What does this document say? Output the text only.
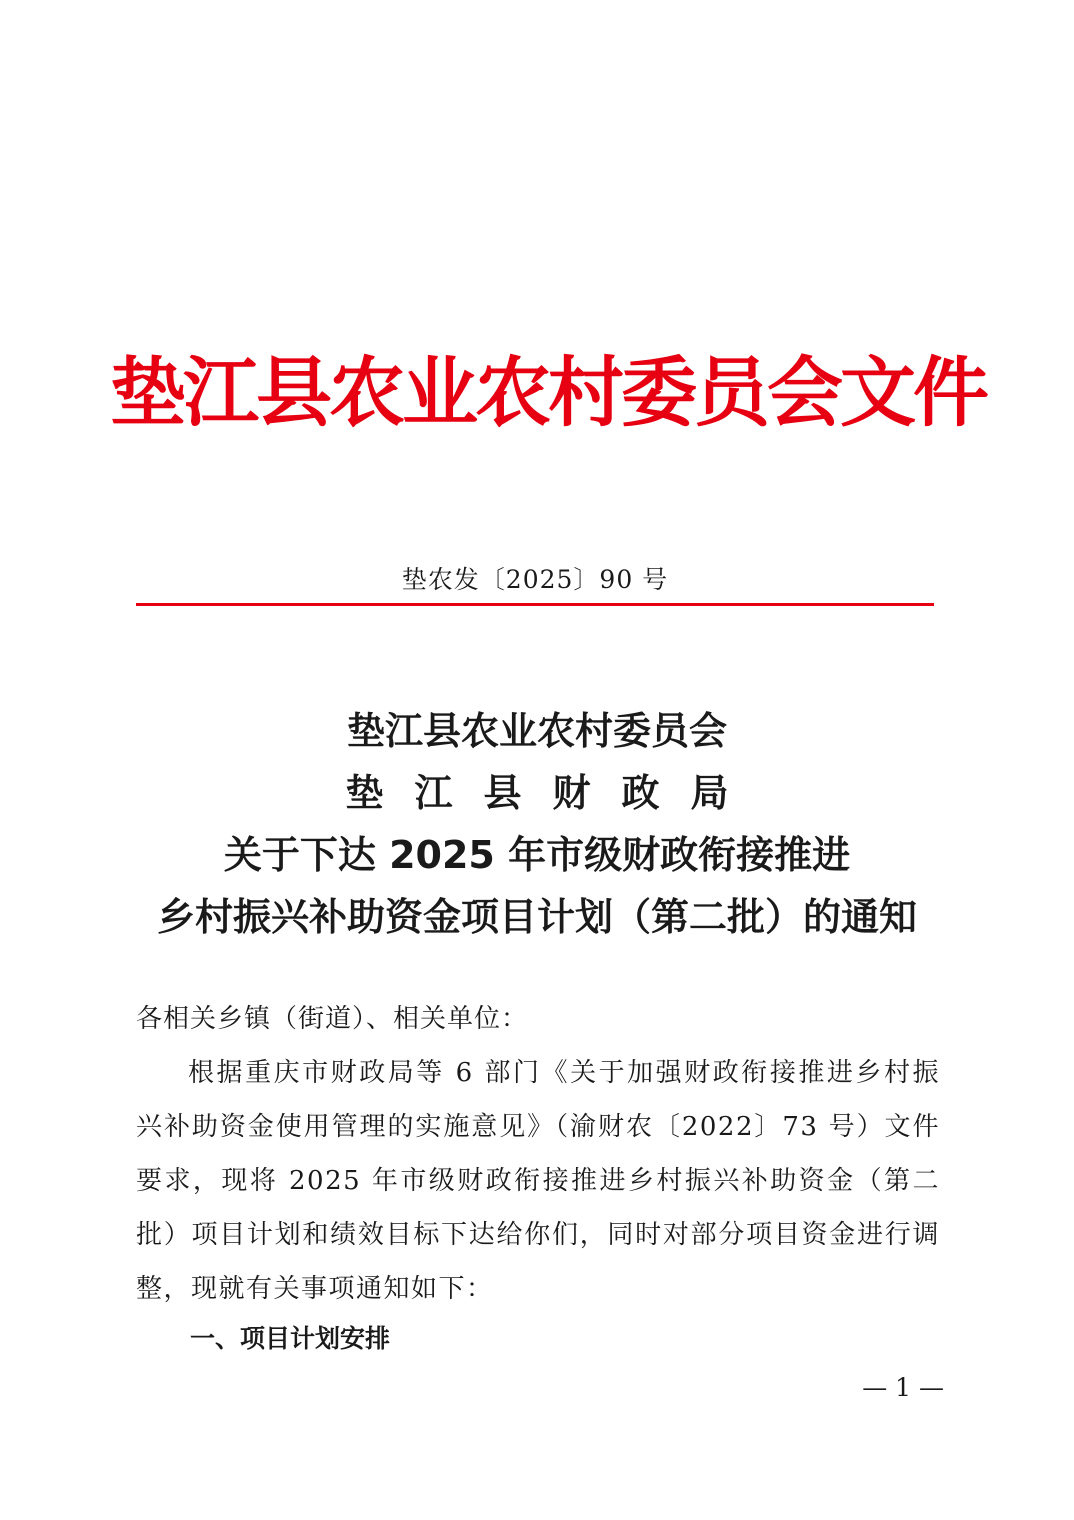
垫江县农业农村委员会文件
垫农发〔2025〕90 号
垫江县农业农村委员会
垫江县财政局
关于下达 2025 年市级财政衔接推进
乡村振兴补助资金项目计划（第二批）的通知
各相关乡镇（街道）、相关单位：
根据重庆市财政局等 6 部门《关于加强财政衔接推进乡村振兴补助资金使用管理的实施意见》（渝财农〔2022〕73 号）文件要求，现将 2025 年市级财政衔接推进乡村振兴补助资金（第二批）项目计划和绩效目标下达给你们，同时对部分项目资金进行调整，现就有关事项通知如下：
一、项目计划安排
— 1 —
